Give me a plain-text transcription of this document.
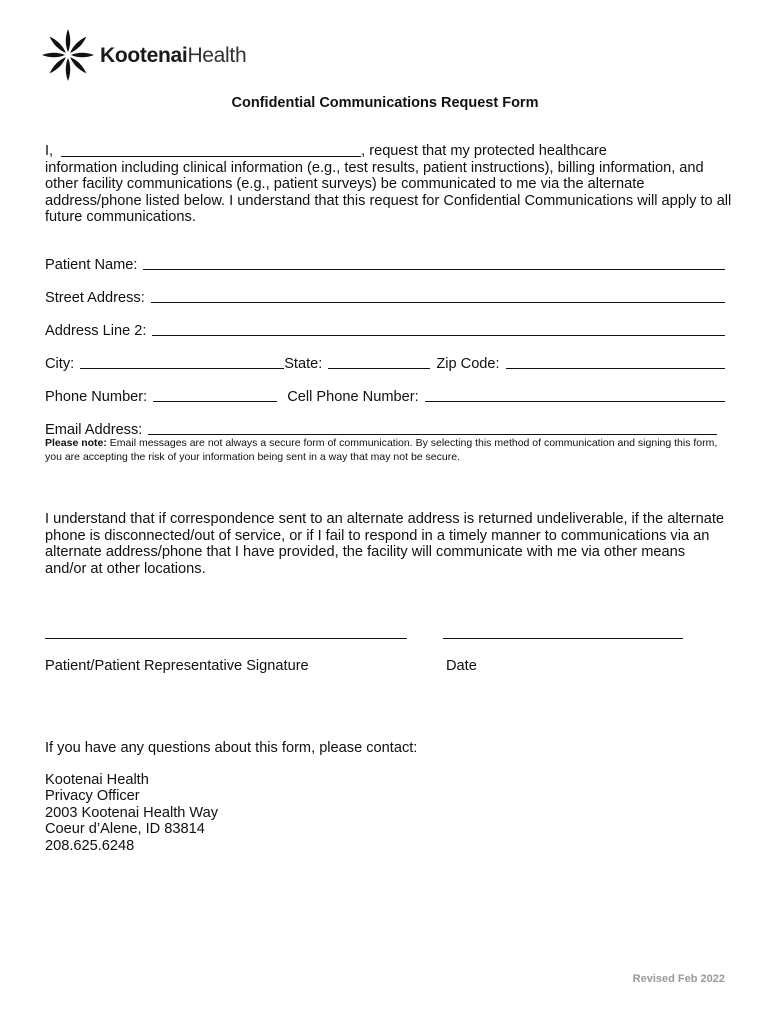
KootenaiHealth
Confidential Communications Request Form
I,	, request that my protected healthcare
information including clinical information (e.g., test results, patient instructions), billing information, and other facility communications (e.g., patient surveys) be communicated to me via the alternate address/phone listed below. I understand that this request for Confidential Communications will apply to all future communications.
Patient Name:
Street Address:
Address Line 2:
City:	State:	Zip Code:
Phone Number:	Cell Phone Number:
Email Address:
Please note: Email messages are not always a secure form of communication. By selecting this method of communication and signing this form, you are accepting the risk of your information being sent in a way that may not be secure.
I understand that if correspondence sent to an alternate address is returned undeliverable, if the alternate phone is disconnected/out of service, or if I fail to respond in a timely manner to communications via an alternate address/phone that I have provided, the facility will communicate with me via other means and/or at other locations.
Patient/Patient Representative Signature	Date
If you have any questions about this form, please contact:
Kootenai Health
Privacy Officer
2003 Kootenai Health Way
Coeur d’Alene, ID 83814
208.625.6248
Revised Feb 2022
